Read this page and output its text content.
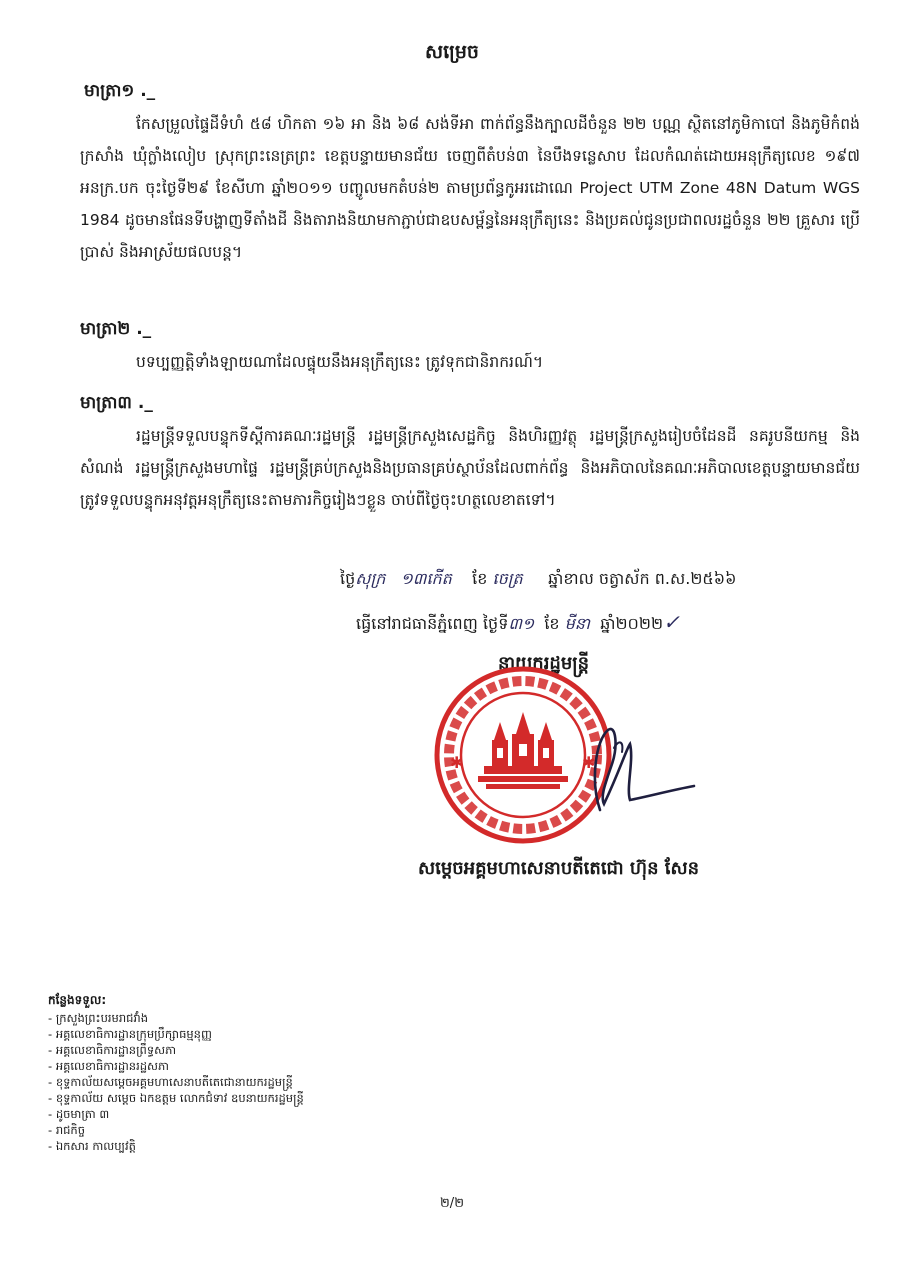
សម្រេច
មាត្រា១ ._
កែសម្រួលផ្ទៃដីទំហំ ៥៨ ហិកតា ១៦ អា និង ៦៨ សង់ទីអា ពាក់ព័ន្ធនឹងក្បាលដីចំនួន ២២ បណ្ណ ស្ថិតនៅភូមិកាបៅ និងភូមិកំពង់ក្រសាំង ឃុំក្លាំងលៀប ស្រុកព្រះនេត្រព្រះ ខេត្តបន្ទាយមានជ័យ ចេញពីតំបន់៣ នៃបឹងទន្លេសាប ដែលកំណត់ដោយអនុក្រឹត្យលេខ ១៩៧ អនក្រ.បក ចុះថ្ងៃទី២៩ ខែសីហា ឆ្នាំ២០១១ បញ្ចូលមកតំបន់២ តាមប្រព័ន្ធកូអរដោណេ Project UTM Zone 48N Datum WGS 1984 ដូចមានផែនទីបង្ហាញទីតាំងដី និងតារាងនិយាមកាភ្ជាប់ជាឧបសម្ព័ន្ធនៃអនុក្រឹត្យនេះ និងប្រគល់ជូនប្រជាពលរដ្ឋចំនួន ២២ គ្រួសារ ប្រើប្រាស់ និងអាស្រ័យផលបន្ត។
មាត្រា២ ._
បទប្បញ្ញត្តិទាំងឡាយណាដែលផ្ទុយនឹងអនុក្រឹត្យនេះ ត្រូវទុកជានិរាករណ៍។
មាត្រា៣ ._
រដ្ឋមន្ត្រីទទួលបន្ទុកទីស្តីការគណៈរដ្ឋមន្ត្រី រដ្ឋមន្ត្រីក្រសួងសេដ្ឋកិច្ច និងហិរញ្ញវត្ថុ រដ្ឋមន្ត្រីក្រសួងរៀបចំដែនដី នគរូបនីយកម្ម និងសំណង់ រដ្ឋមន្ត្រីក្រសួងមហាផ្ទៃ រដ្ឋមន្ត្រីគ្រប់ក្រសួងនិងប្រធានគ្រប់ស្ថាប័នដែលពាក់ព័ន្ធ និងអភិបាលនៃគណៈអភិបាលខេត្តបន្ទាយមានជ័យ ត្រូវទទួលបន្ទុកអនុវត្តអនុក្រឹត្យនេះតាមភារកិច្ចរៀងៗខ្លួន ចាប់ពីថ្ងៃចុះហត្ថលេខាតទៅ។
ថ្ងៃសុក្រ ១៣កើត ខែ ចេត្រ ឆ្នាំខាល ចត្វាស័ក ព.ស.២៥៦៦
ធ្វើនៅរាជធានីភ្នំពេញ ថ្ងៃទី៣១ ខែ មីនា ឆ្នាំ២០២២✓
នាយករដ្ឋមន្ត្រី
✱	✱
សម្តេចអគ្គមហាសេនាបតីតេជោ ហ៊ុន សែន
កន្លែងទទួល:
- ក្រសួងព្រះបរមរាជវាំង
- អគ្គលេខាធិការដ្ឋានក្រុមប្រឹក្សាធម្មនុញ្ញ
- អគ្គលេខាធិការដ្ឋានព្រឹទ្ធសភា
- អគ្គលេខាធិការដ្ឋានរដ្ឋសភា
- ខុទ្ទកាល័យសម្តេចអគ្គមហាសេនាបតីតេជោនាយករដ្ឋមន្ត្រី
- ខុទ្ទកាល័យ សម្តេច ឯកឧត្តម លោកជំទាវ ឧបនាយករដ្ឋមន្ត្រី
- ដូចមាត្រា ៣
- រាជកិច្ច
- ឯកសារ កាលប្បវត្តិ
២/២
